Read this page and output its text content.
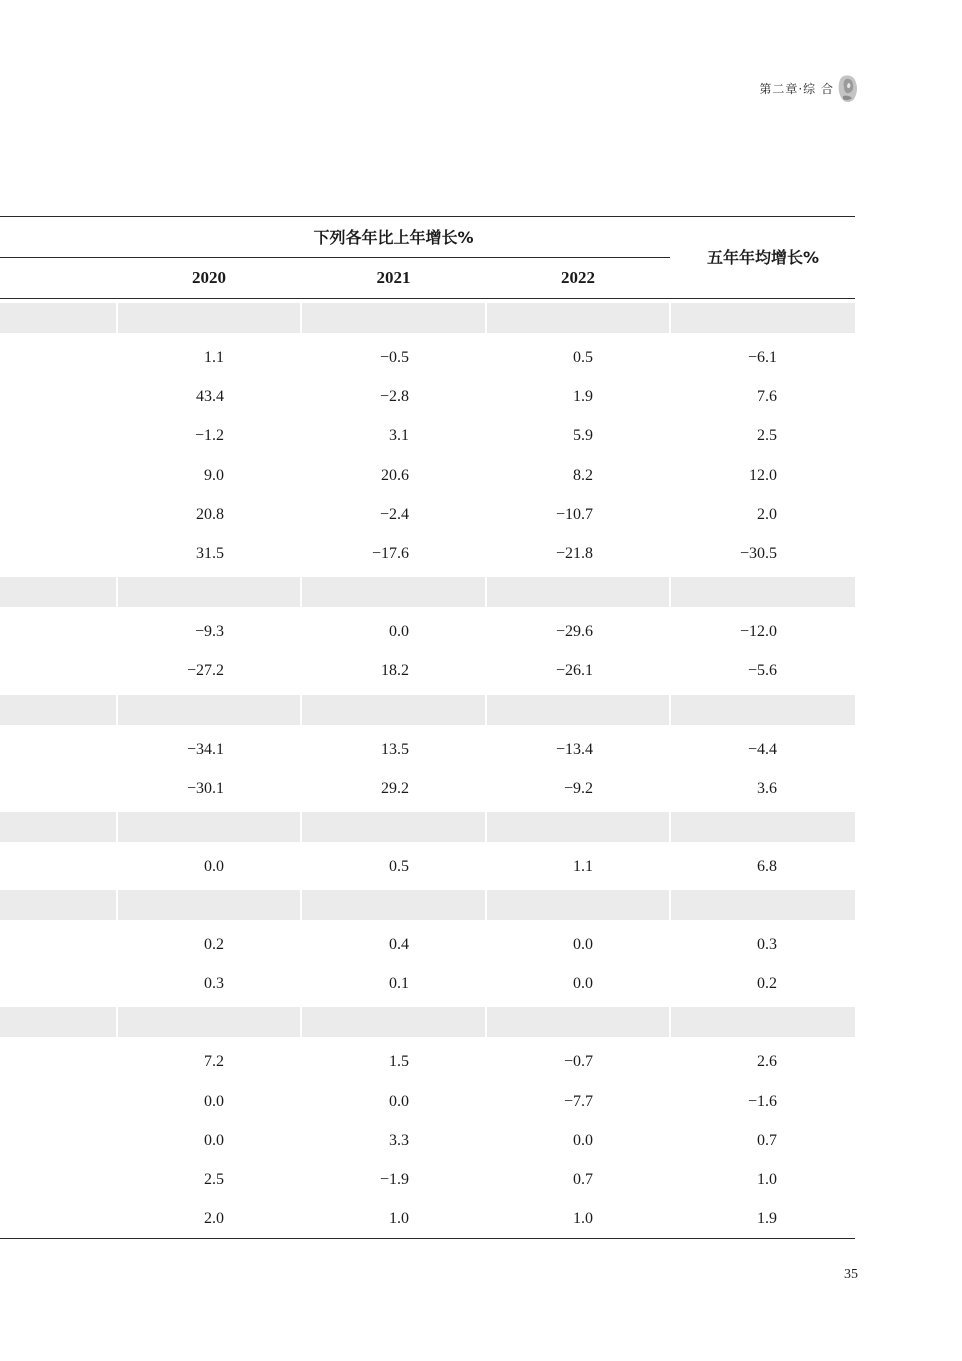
第二章·综 合
下列各年比上年增长%
五年年均增长%
2020	2021	2022
1.1	−0.5	0.5	−6.1
43.4	−2.8	1.9	7.6
−1.2	3.1	5.9	2.5
9.0	20.6	8.2	12.0
20.8	−2.4	−10.7	2.0
31.5	−17.6	−21.8	−30.5
−9.3	0.0	−29.6	−12.0
−27.2	18.2	−26.1	−5.6
−34.1	13.5	−13.4	−4.4
−30.1	29.2	−9.2	3.6
0.0	0.5	1.1	6.8
0.2	0.4	0.0	0.3
0.3	0.1	0.0	0.2
7.2	1.5	−0.7	2.6
0.0	0.0	−7.7	−1.6
0.0	3.3	0.0	0.7
2.5	−1.9	0.7	1.0
2.0	1.0	1.0	1.9
35
